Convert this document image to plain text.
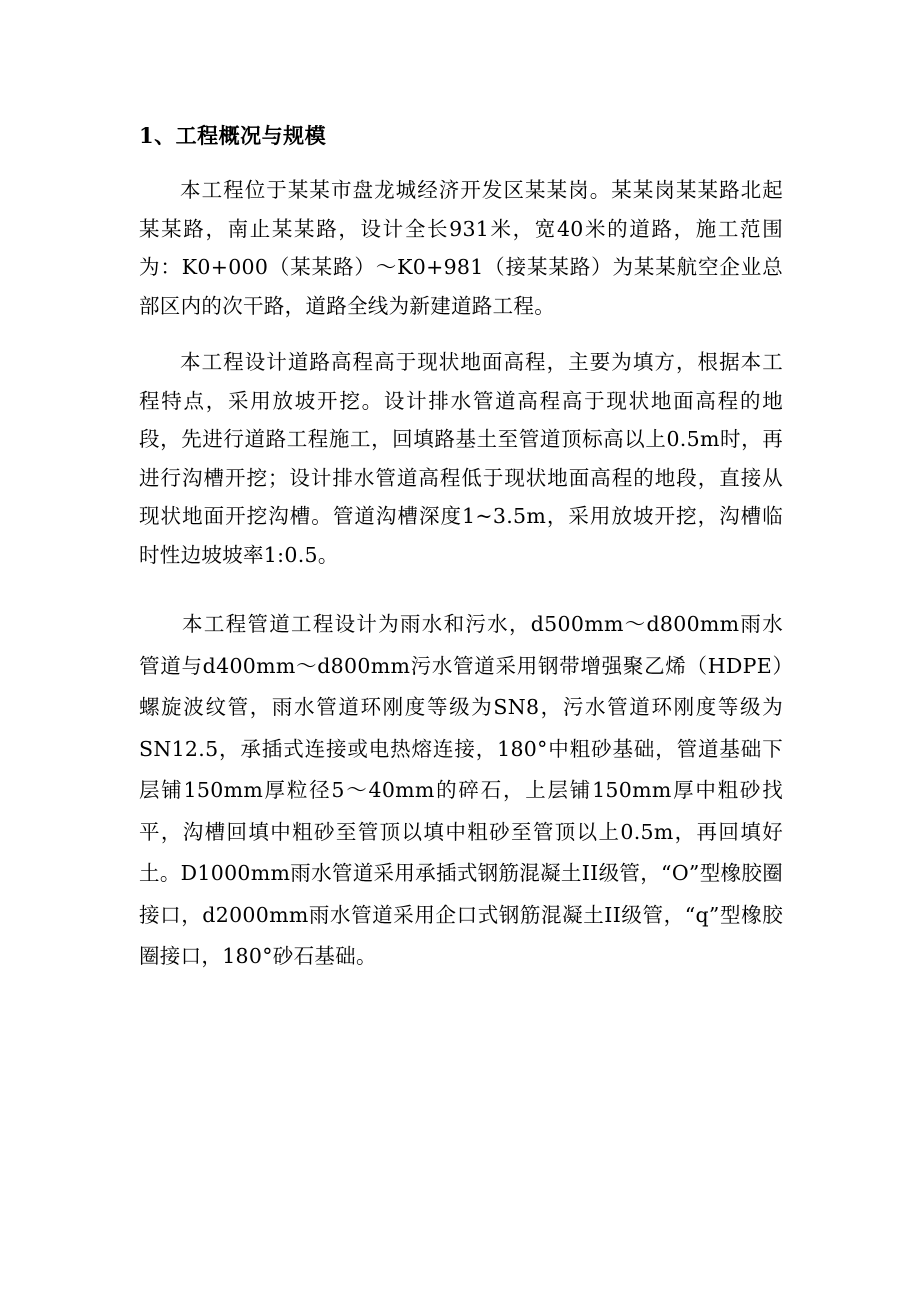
1、工程概况与规模

本工程位于某某市盘龙城经济开发区某某岗。某某岗某某路北起某某路，南止某某路，设计全长931米，宽40米的道路，施工范围为：K0+000（某某路）～K0+981（接某某路）为某某航空企业总部区内的次干路，道路全线为新建道路工程。

本工程设计道路高程高于现状地面高程，主要为填方，根据本工程特点，采用放坡开挖。设计排水管道高程高于现状地面高程的地段，先进行道路工程施工，回填路基土至管道顶标高以上0.5m时，再进行沟槽开挖；设计排水管道高程低于现状地面高程的地段，直接从现状地面开挖沟槽。管道沟槽深度1~3.5m，采用放坡开挖，沟槽临时性边坡坡率1:0.5。

本工程管道工程设计为雨水和污水，d500mm～d800mm雨水管道与d400mm～d800mm污水管道采用钢带增强聚乙烯（HDPE）螺旋波纹管，雨水管道环刚度等级为SN8，污水管道环刚度等级为SN12.5，承插式连接或电热熔连接，180°中粗砂基础，管道基础下层铺150mm厚粒径5～40mm的碎石，上层铺150mm厚中粗砂找平，沟槽回填中粗砂至管顶以填中粗砂至管顶以上0.5m，再回填好土。D1000mm雨水管道采用承插式钢筋混凝土II级管，“O”型橡胶圈接口，d2000mm雨水管道采用企口式钢筋混凝土II级管，“q”型橡胶圈接口，180°砂石基础。
